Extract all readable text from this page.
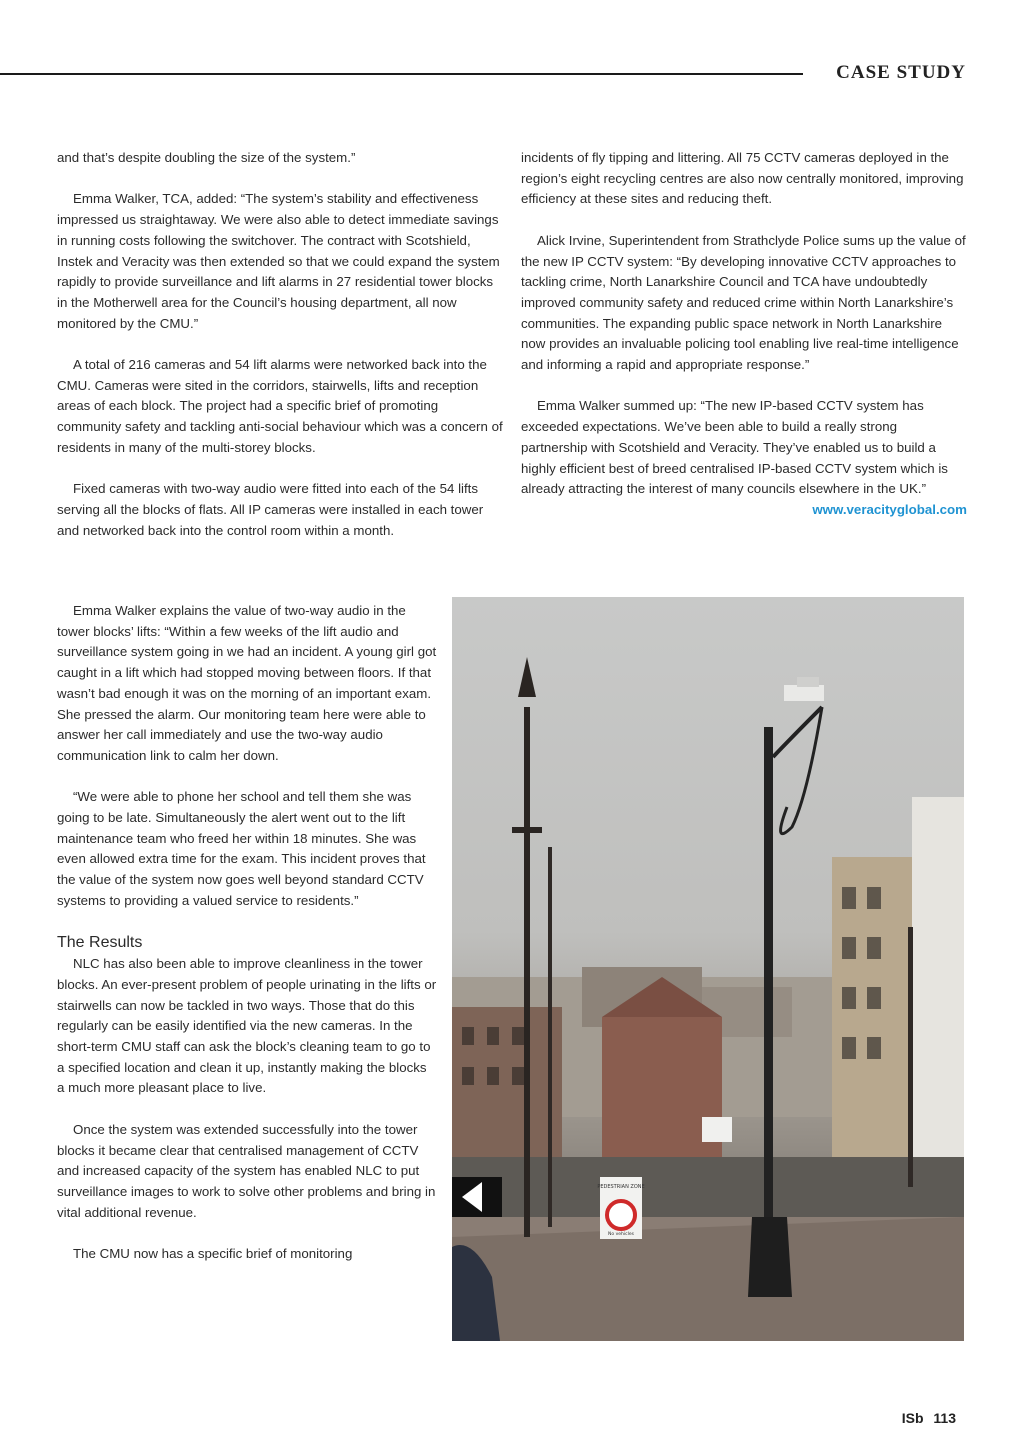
CASE STUDY

and that’s despite doubling the size of the system.”

Emma Walker, TCA, added: “The system’s stability and effectiveness impressed us straightaway. We were also able to detect immediate savings in running costs following the switchover. The contract with Scotshield, Instek and Veracity was then extended so that we could expand the system rapidly to provide surveillance and lift alarms in 27 residential tower blocks in the Motherwell area for the Council’s housing department, all now monitored by the CMU.”

A total of 216 cameras and 54 lift alarms were networked back into the CMU. Cameras were sited in the corridors, stairwells, lifts and reception areas of each block. The project had a specific brief of promoting community safety and tackling anti-social behaviour which was a concern of residents in many of the multi-storey blocks.

Fixed cameras with two-way audio were fitted into each of the 54 lifts serving all the blocks of flats. All IP cameras were installed in each tower and networked back into the control room within a month.

Emma Walker explains the value of two-way audio in the tower blocks’ lifts: “Within a few weeks of the lift audio and surveillance system going in we had an incident. A young girl got caught in a lift which had stopped moving between floors. If that wasn’t bad enough it was on the morning of an important exam. She pressed the alarm. Our monitoring team here were able to answer her call immediately and use the two-way audio communication link to calm her down.

“We were able to phone her school and tell them she was going to be late. Simultaneously the alert went out to the lift maintenance team who freed her within 18 minutes. She was even allowed extra time for the exam. This incident proves that the value of the system now goes well beyond standard CCTV systems to providing a valued service to residents.”

The Results

NLC has also been able to improve cleanliness in the tower blocks. An ever-present problem of people urinating in the lifts or stairwells can now be tackled in two ways. Those that do this regularly can be easily identified via the new cameras. In the short-term CMU staff can ask the block’s cleaning team to go to a specified location and clean it up, instantly making the blocks a much more pleasant place to live.

Once the system was extended successfully into the tower blocks it became clear that centralised management of CCTV and increased capacity of the system has enabled NLC to put surveillance images to work to solve other problems and bring in vital additional revenue.

The CMU now has a specific brief of monitoring

incidents of fly tipping and littering. All 75 CCTV cameras deployed in the region’s eight recycling centres are also now centrally monitored, improving efficiency at these sites and reducing theft.

Alick Irvine, Superintendent from Strathclyde Police sums up the value of the new IP CCTV system: “By developing innovative CCTV approaches to tackling crime, North Lanarkshire Council and TCA have undoubtedly improved community safety and reduced crime within North Lanarkshire’s communities. The expanding public space network in North Lanarkshire now provides an invaluable policing tool enabling live real-time intelligence and informing a rapid and appropriate response.”

Emma Walker summed up: “The new IP-based CCTV system has exceeded expectations. We’ve been able to build a really strong partnership with Scotshield and Veracity. They’ve enabled us to build a highly efficient best of breed centralised IP-based CCTV system which is already attracting the interest of many councils elsewhere in the UK.”

www.veracityglobal.com

PEDESTRIAN ZONE
No vehicles
ISb 113
